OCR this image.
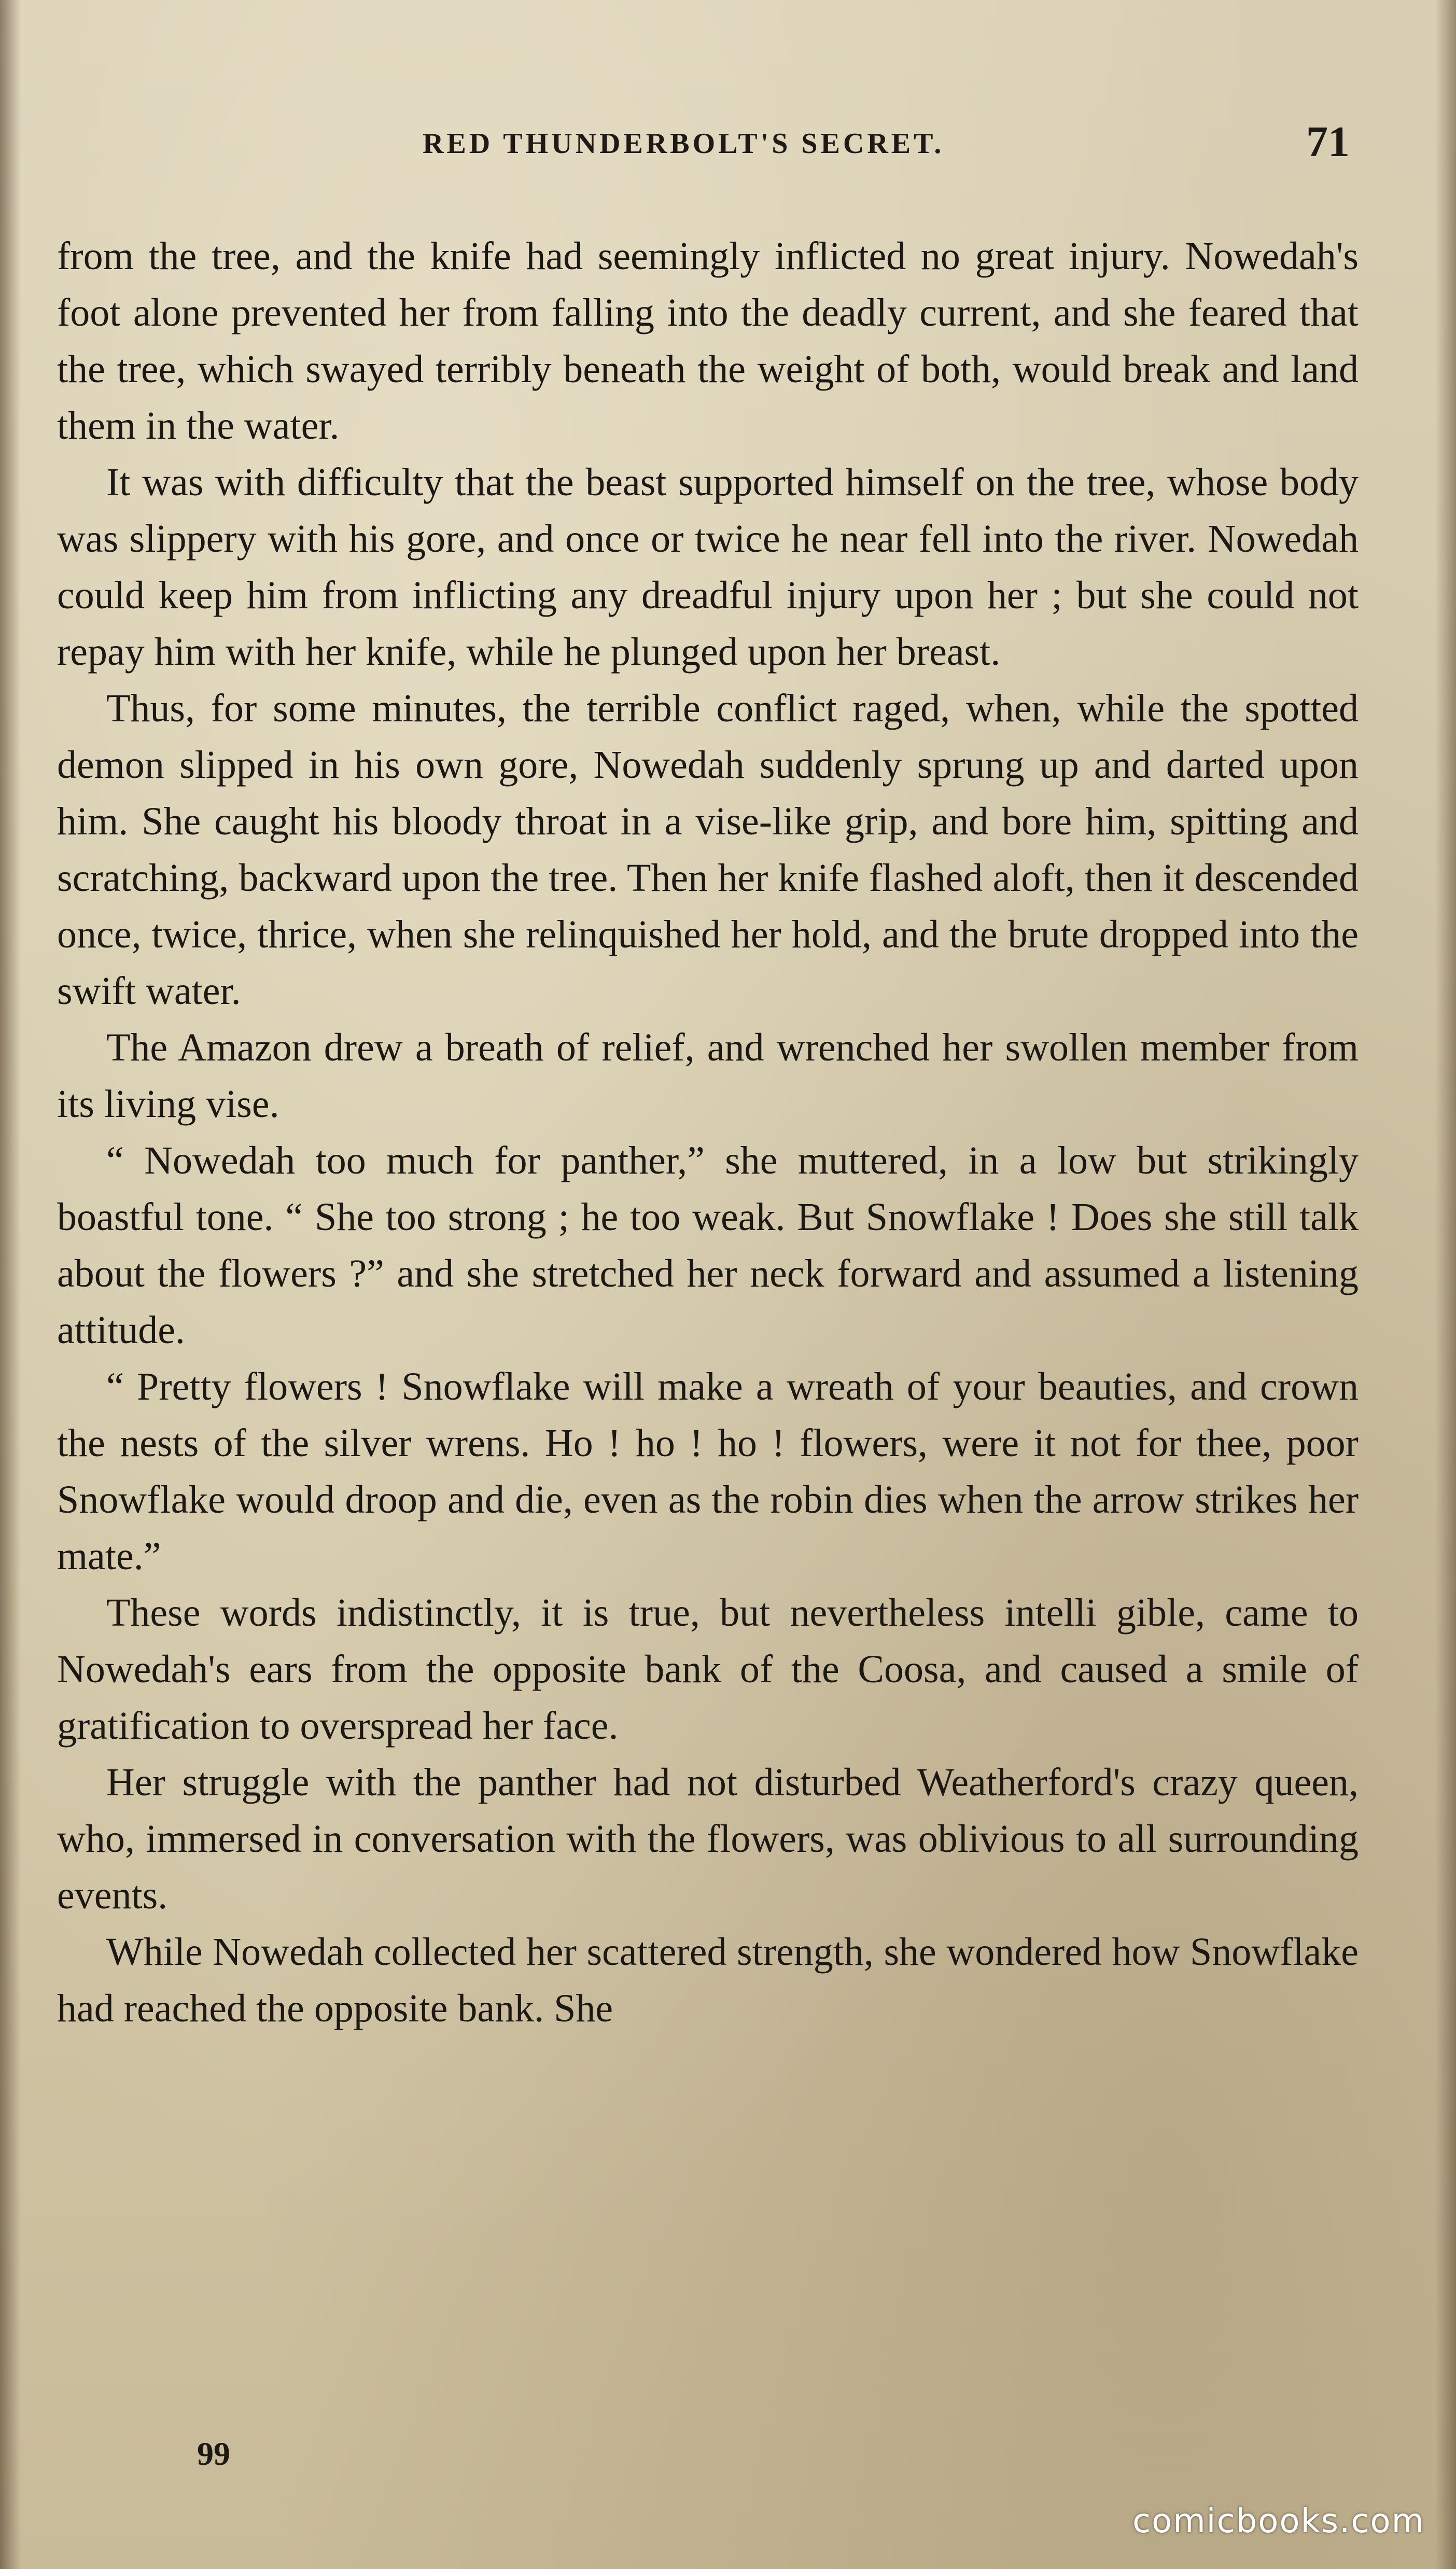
RED THUNDERBOLT'S SECRET.	71

from the tree, and the knife had seemingly inflicted no great injury. Nowedah's foot alone prevented her from falling into the deadly current, and she feared that the tree, which swayed terribly beneath the weight of both, would break and land them in the water.

It was with difficulty that the beast supported himself on the tree, whose body was slippery with his gore, and once or twice he near fell into the river. Nowedah could keep him from inflicting any dreadful injury upon her ; but she could not repay him with her knife, while he plunged upon her breast.

Thus, for some minutes, the terrible conflict raged, when, while the spotted demon slipped in his own gore, Nowedah suddenly sprung up and darted upon him. She caught his bloody throat in a vise-like grip, and bore him, spitting and scratching, backward upon the tree. Then her knife flashed aloft, then it descended once, twice, thrice, when she relinquished her hold, and the brute dropped into the swift water.

The Amazon drew a breath of relief, and wrenched her swollen member from its living vise.

“ Nowedah too much for panther,” she muttered, in a low but strikingly boastful tone. “ She too strong ; he too weak. But Snowflake ! Does she still talk about the flowers ?” and she stretched her neck forward and assumed a listening attitude.

“ Pretty flowers ! Snowflake will make a wreath of your beauties, and crown the nests of the silver wrens. Ho ! ho ! ho ! flowers, were it not for thee, poor Snowflake would droop and die, even as the robin dies when the arrow strikes her mate.”

These words indistinctly, it is true, but nevertheless intelli gible, came to Nowedah's ears from the opposite bank of the Coosa, and caused a smile of gratification to overspread her face.

Her struggle with the panther had not disturbed Weatherford's crazy queen, who, immersed in conversation with the flowers, was oblivious to all surrounding events.

While Nowedah collected her scattered strength, she wondered how Snowflake had reached the opposite bank. She

99
comicbooks.com
